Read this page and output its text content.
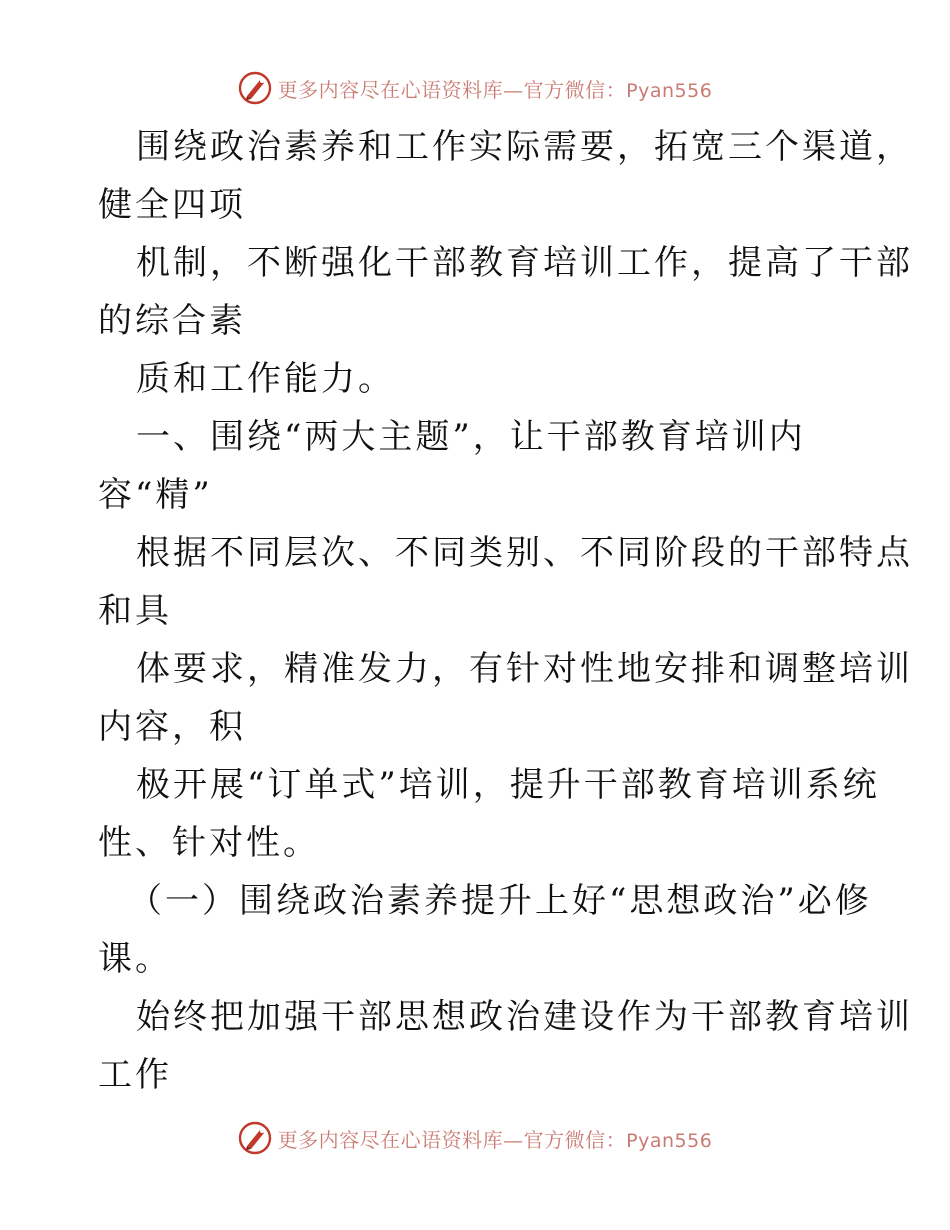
更多内容尽在心语资料库—官方微信：Pyan556
围绕政治素养和工作实际需要，拓宽三个渠道，
健全四项
机制，不断强化干部教育培训工作，提高了干部
的综合素
质和工作能力。
一、围绕“两大主题”，让干部教育培训内
容“精”
根据不同层次、不同类别、不同阶段的干部特点
和具
体要求，精准发力，有针对性地安排和调整培训
内容，积
极开展“订单式”培训，提升干部教育培训系统
性、针对性。
（一）围绕政治素养提升上好“思想政治”必修
课。
始终把加强干部思想政治建设作为干部教育培训
工作
更多内容尽在心语资料库—官方微信：Pyan556
